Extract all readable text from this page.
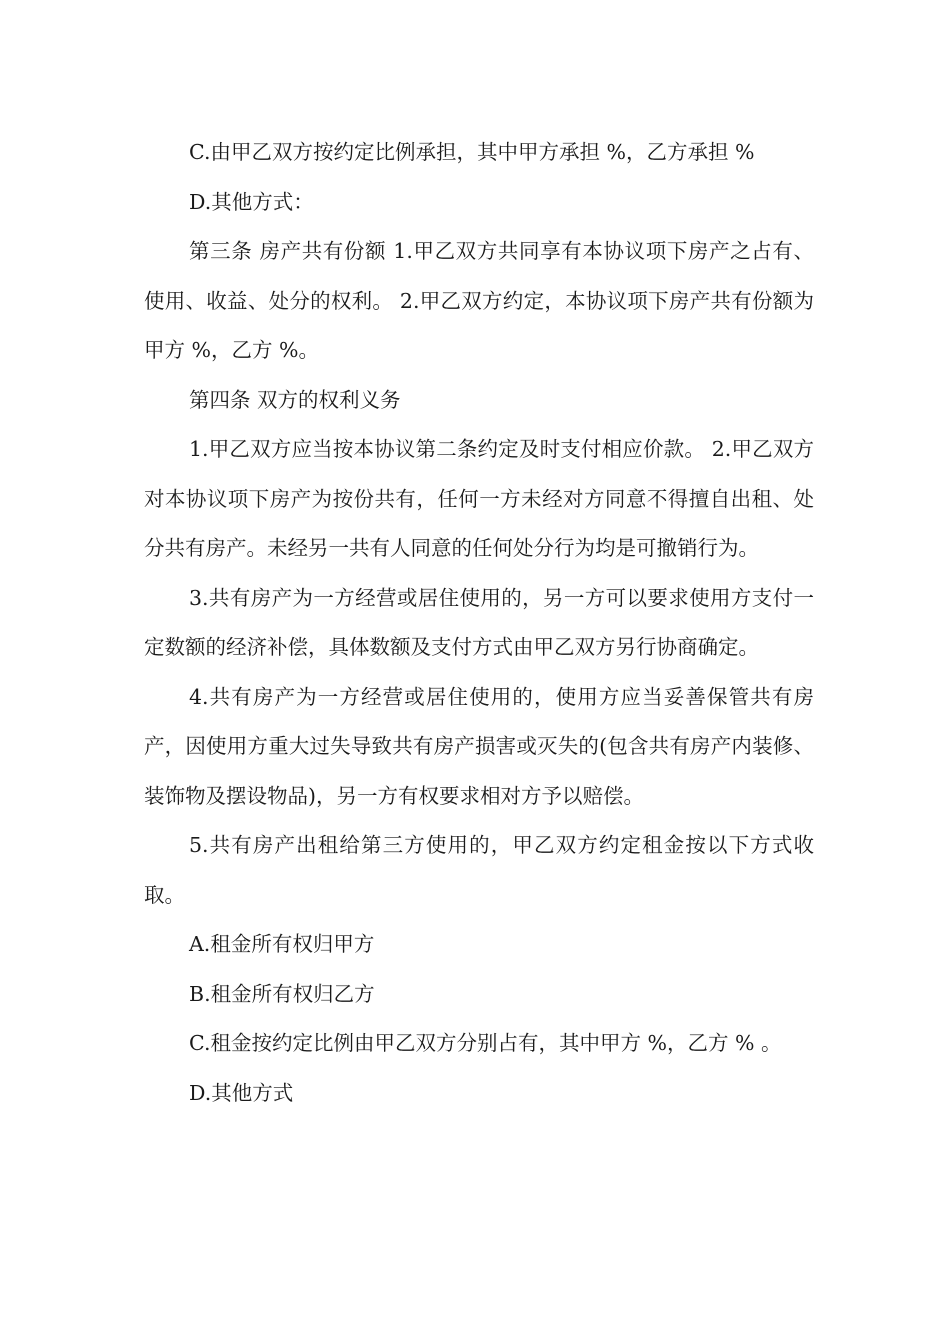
C.由甲乙双方按约定比例承担，其中甲方承担 %，乙方承担 %

D.其他方式：

第三条 房产共有份额 1.甲乙双方共同享有本协议项下房产之占有、使用、收益、处分的权利。 2.甲乙双方约定，本协议项下房产共有份额为甲方 %，乙方 %。

第四条 双方的权利义务

1.甲乙双方应当按本协议第二条约定及时支付相应价款。 2.甲乙双方对本协议项下房产为按份共有，任何一方未经对方同意不得擅自出租、处分共有房产。未经另一共有人同意的任何处分行为均是可撤销行为。

3.共有房产为一方经营或居住使用的，另一方可以要求使用方支付一定数额的经济补偿，具体数额及支付方式由甲乙双方另行协商确定。

4.共有房产为一方经营或居住使用的，使用方应当妥善保管共有房产，因使用方重大过失导致共有房产损害或灭失的(包含共有房产内装修、装饰物及摆设物品)，另一方有权要求相对方予以赔偿。

5.共有房产出租给第三方使用的，甲乙双方约定租金按以下方式收取。

A.租金所有权归甲方

B.租金所有权归乙方

C.租金按约定比例由甲乙双方分别占有，其中甲方 %，乙方 % 。

D.其他方式
